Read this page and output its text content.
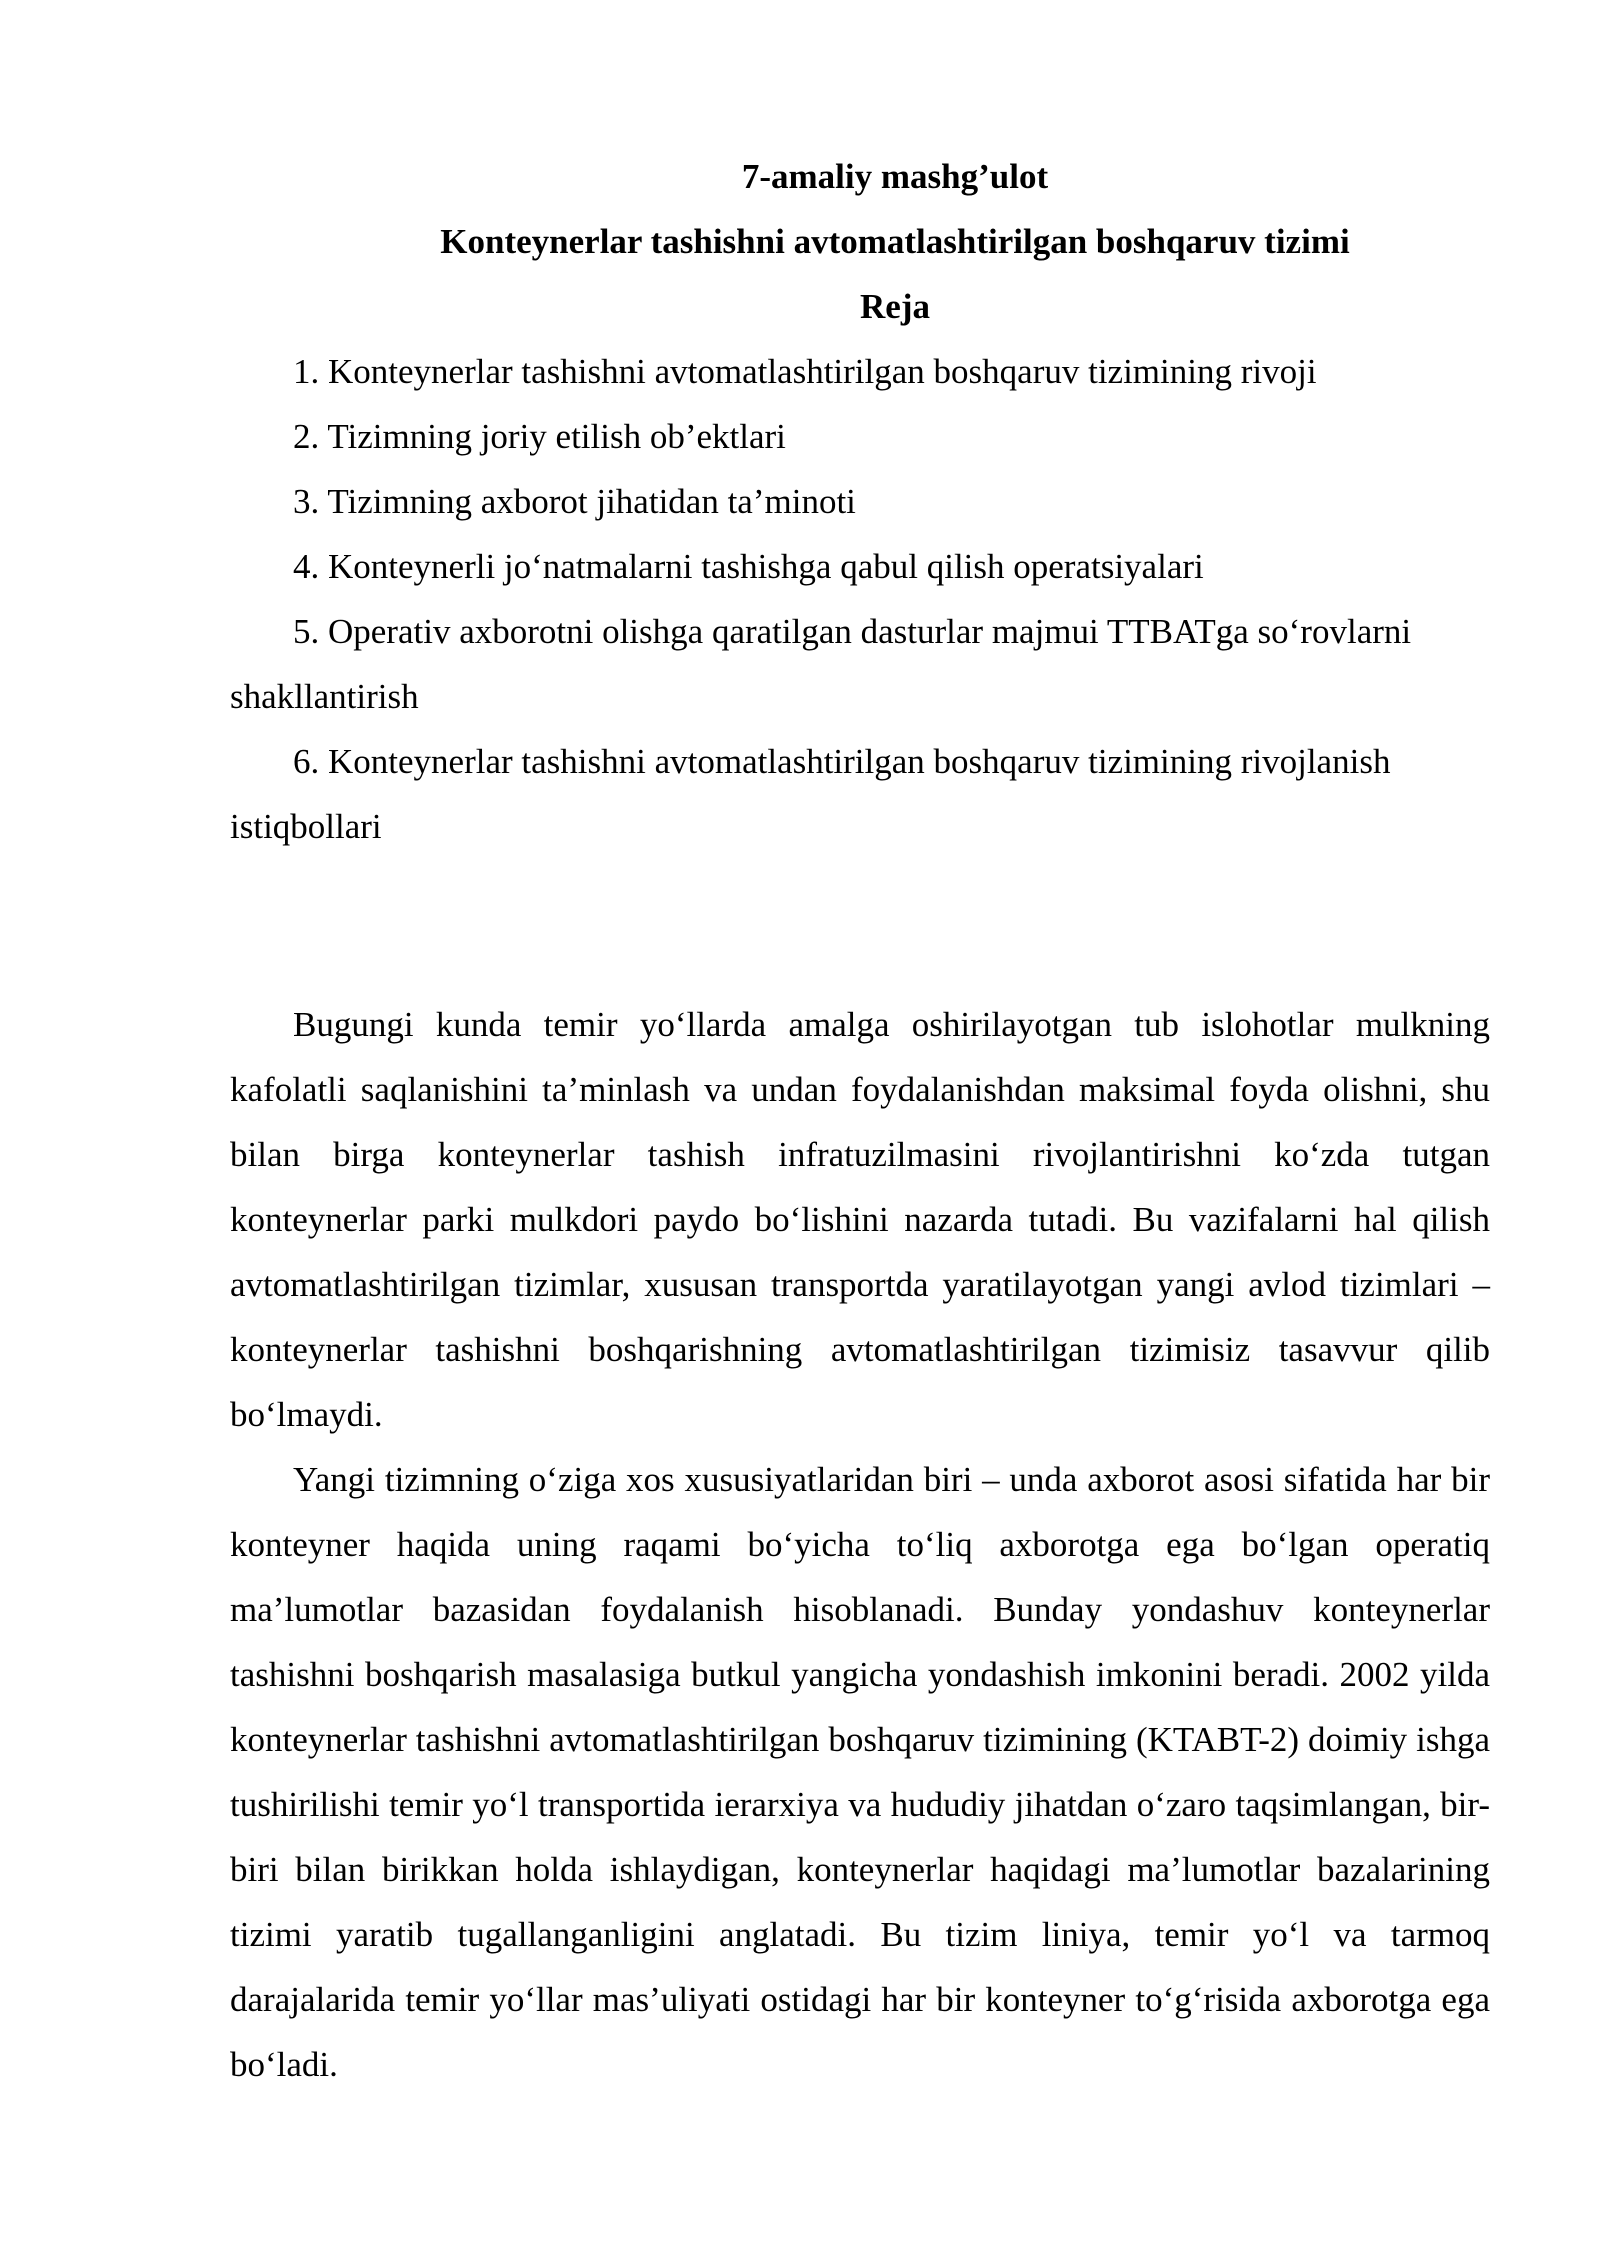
7-amaliy mashg’ulot
Konteynerlar tashishni avtomatlashtirilgan boshqaruv tizimi
Reja

1. Konteynerlar tashishni avtomatlashtirilgan boshqaruv tizimining rivoji

2. Tizimning joriy etilish ob’ektlari

3. Tizimning axborot jihatidan ta’minoti

4. Konteynerli jo‘natmalarni tashishga qabul qilish operatsiyalari

5. Operativ axborotni olishga qaratilgan dasturlar majmui TTBATga so‘rovlarni shakllantirish

6. Konteynerlar tashishni avtomatlashtirilgan boshqaruv tizimining rivojlanish istiqbollari

Bugungi kunda temir yo‘llarda amalga oshirilayotgan tub islohotlar mulkning kafolatli saqlanishini ta’minlash va undan foydalanishdan maksimal foyda olishni, shu bilan birga konteynerlar tashish infratuzilmasini rivojlantirishni ko‘zda tutgan konteynerlar parki mulkdori paydo bo‘lishini nazarda tutadi. Bu vazifalarni hal qilish avtomatlashtirilgan tizimlar, xususan transportda yaratilayotgan yangi avlod tizimlari – konteynerlar tashishni boshqarishning avtomatlashtirilgan tizimisiz tasavvur qilib bo‘lmaydi.

Yangi tizimning o‘ziga xos xususiyatlaridan biri – unda axborot asosi sifatida har bir konteyner haqida uning raqami bo‘yicha to‘liq axborotga ega bo‘lgan operatiq ma’lumotlar bazasidan foydalanish hisoblanadi. Bunday yondashuv konteynerlar tashishni boshqarish masalasiga butkul yangicha yondashish imkonini beradi. 2002 yilda konteynerlar tashishni avtomatlashtirilgan boshqaruv tizimining (KTABT-2) doimiy ishga tushirilishi temir yo‘l transportida ierarxiya va hududiy jihatdan o‘zaro taqsimlangan, bir-biri bilan birikkan holda ishlaydigan, konteynerlar haqidagi ma’lumotlar bazalarining tizimi yaratib tugallanganligini anglatadi. Bu tizim liniya, temir yo‘l va tarmoq darajalarida temir yo‘llar mas’uliyati ostidagi har bir konteyner to‘g‘risida axborotga ega bo‘ladi.
